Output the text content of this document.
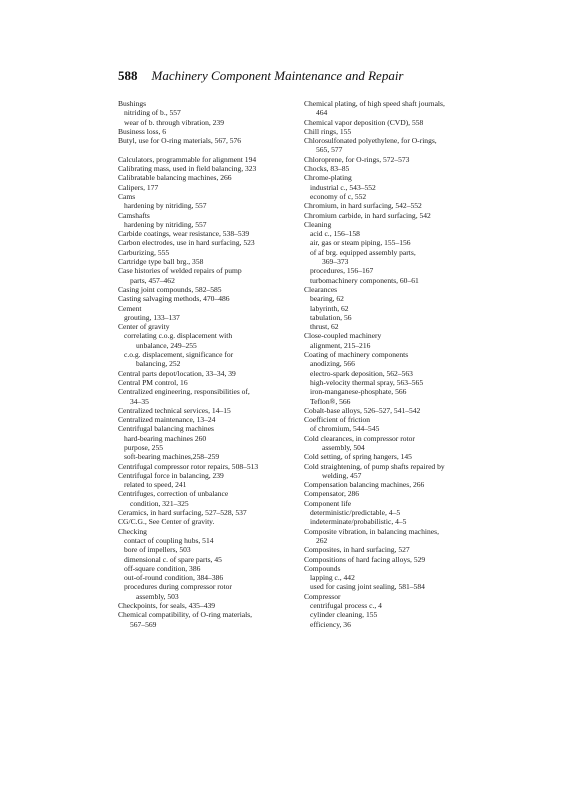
588 Machinery Component Maintenance and Repair
Bushings
nitriding of b., 557
wear of b. through vibration, 239
Business loss, 6
Butyl, use for O-ring materials, 567, 576
Calculators, programmable for alignment 194
Calibrating mass, used in field balancing, 323
Calibratable balancing machines, 266
Calipers, 177
Cams
hardening by nitriding, 557
Camshafts
hardening by nitriding, 557
Carbide coatings, wear resistance, 538–539
Carbon electrodes, use in hard surfacing, 523
Carburizing, 555
Cartridge type ball brg., 358
Case histories of welded repairs of pump
parts, 457–462
Casing joint compounds, 582–585
Casting salvaging methods, 470–486
Cement
grouting, 133–137
Center of gravity
correlating c.o.g. displacement with
unbalance, 249–255
c.o.g. displacement, significance for
balancing, 252
Central parts depot/location, 33–34, 39
Central PM control, 16
Centralized engineering, responsibilities of,
34–35
Centralized technical services, 14–15
Centralized maintenance, 13–24
Centrifugal balancing machines
hard-bearing machines 260
purpose, 255
soft-bearing machines,258–259
Centrifugal compressor rotor repairs, 508–513
Centrifugal force in balancing, 239
related to speed, 241
Centrifuges, correction of unbalance
condition, 321–325
Ceramics, in hard surfacing, 527–528, 537
CG/C.G., See Center of gravity.
Checking
contact of coupling hubs, 514
bore of impellers, 503
dimensional c. of spare parts, 45
off-square condition, 386
out-of-round condition, 384–386
procedures during compressor rotor
assembly, 503
Checkpoints, for seals, 435–439
Chemical compatibility, of O-ring materials,
567–569
Chemical plating, of high speed shaft journals,
464
Chemical vapor deposition (CVD), 558
Chill rings, 155
Chlorosulfonated polyethylene, for O-rings,
565, 577
Chloroprene, for O-rings, 572–573
Chocks, 83–85
Chrome-plating
industrial c., 543–552
economy of c, 552
Chromium, in hard surfacing, 542–552
Chromium carbide, in hard surfacing, 542
Cleaning
acid c., 156–158
air, gas or steam piping, 155–156
of af brg. equipped assembly parts,
369–373
procedures, 156–167
turbomachinery components, 60–61
Clearances
bearing, 62
labyrinth, 62
tabulation, 56
thrust, 62
Close-coupled machinery
alignment, 215–216
Coating of machinery components
anodizing, 566
electro-spark deposition, 562–563
high-velocity thermal spray, 563–565
iron-manganese-phosphate, 566
Teflon®, 566
Cobalt-base alloys, 526–527, 541–542
Coefficient of friction
of chromium, 544–545
Cold clearances, in compressor rotor
assembly, 504
Cold setting, of spring hangers, 145
Cold straightening, of pump shafts repaired by
welding, 457
Compensation balancing machines, 266
Compensator, 286
Component life
deterministic/predictable, 4–5
indeterminate/probabilistic, 4–5
Composite vibration, in balancing machines,
262
Composites, in hard surfacing, 527
Compositions of hard facing alloys, 529
Compounds
lapping c., 442
used for casing joint sealing, 581–584
Compressor
centrifugal process c., 4
cylinder cleaning, 155
efficiency, 36
